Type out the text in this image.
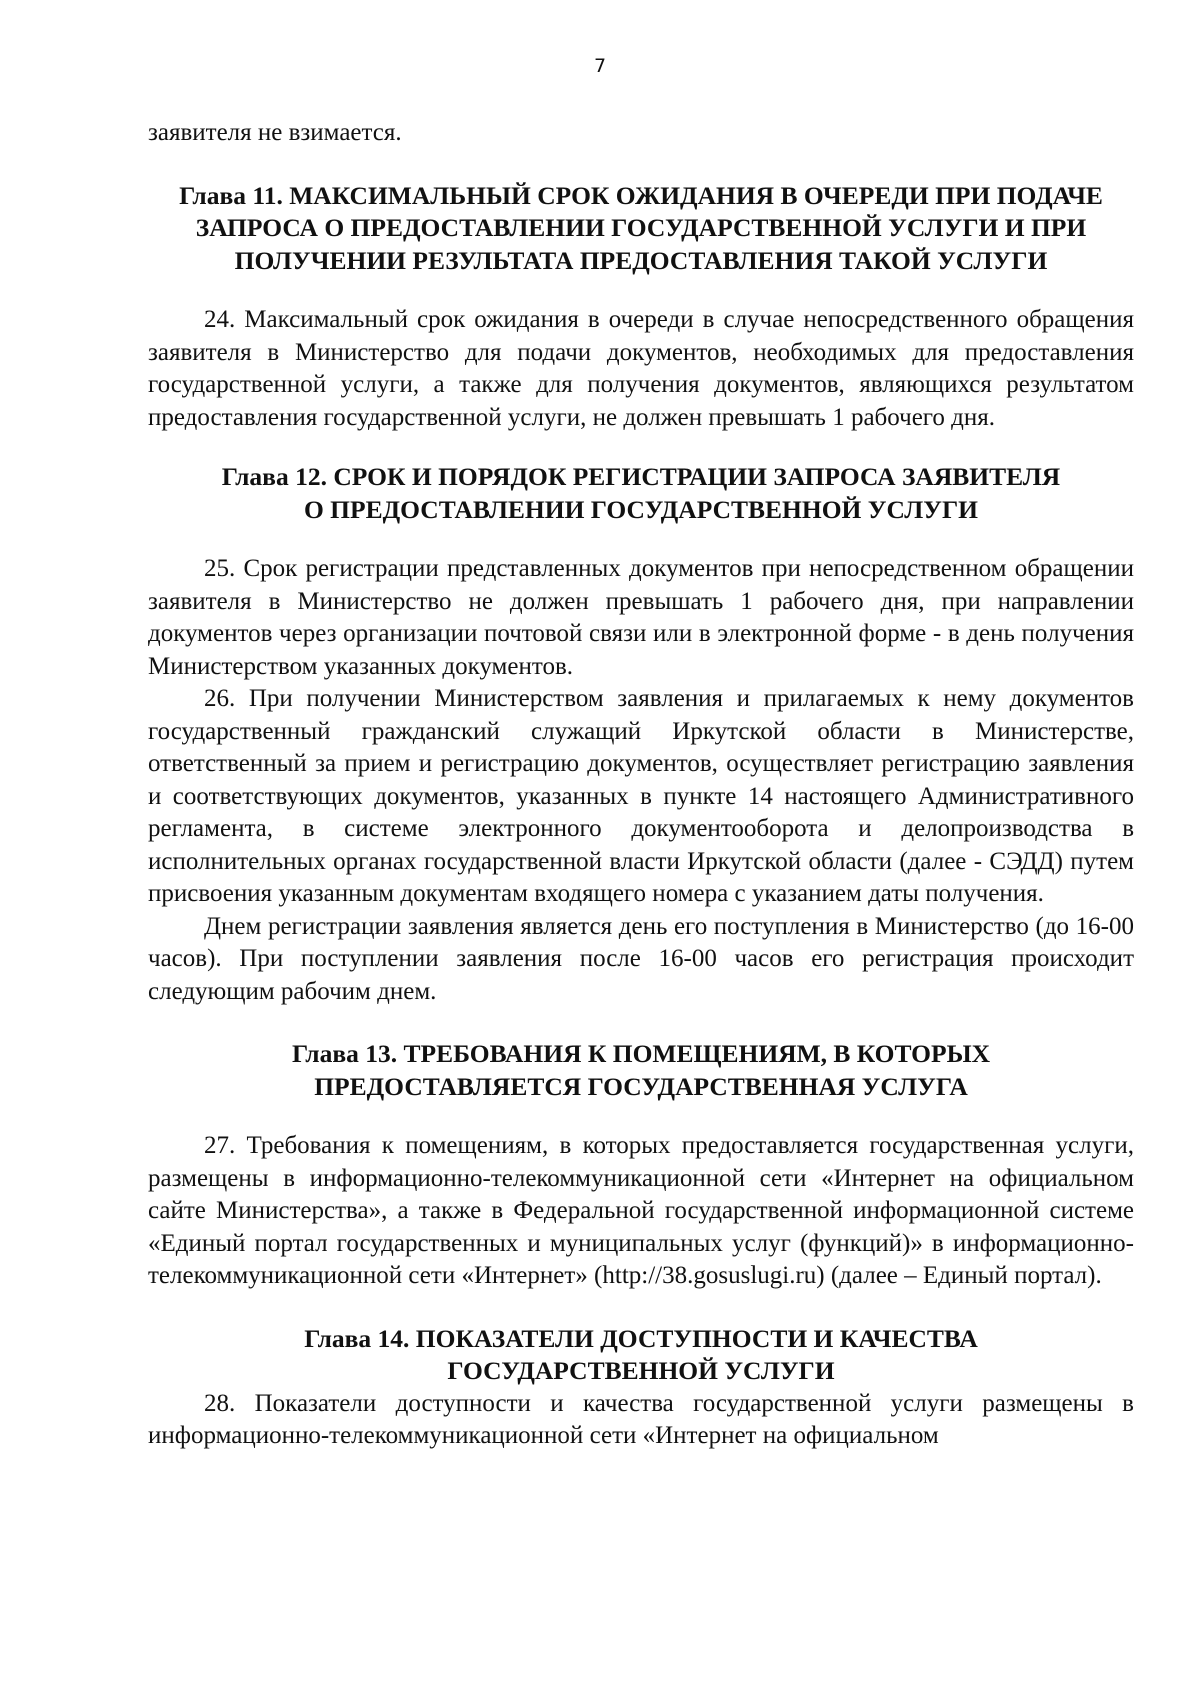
7

заявителя не взимается.

Глава 11. МАКСИМАЛЬНЫЙ СРОК ОЖИДАНИЯ В ОЧЕРЕДИ ПРИ ПОДАЧЕ
ЗАПРОСА О ПРЕДОСТАВЛЕНИИ ГОСУДАРСТВЕННОЙ УСЛУГИ И ПРИ
ПОЛУЧЕНИИ РЕЗУЛЬТАТА ПРЕДОСТАВЛЕНИЯ ТАКОЙ УСЛУГИ

24. Максимальный срок ожидания в очереди в случае непосредственного обращения заявителя в Министерство для подачи документов, необходимых для предоставления государственной услуги, а также для получения документов, являющихся результатом предоставления государственной услуги, не должен превышать 1 рабочего дня.

Глава 12. СРОК И ПОРЯДОК РЕГИСТРАЦИИ ЗАПРОСА ЗАЯВИТЕЛЯ
О ПРЕДОСТАВЛЕНИИ ГОСУДАРСТВЕННОЙ УСЛУГИ

25. Срок регистрации представленных документов при непосредственном обращении заявителя в Министерство не должен превышать 1 рабочего дня, при направлении документов через организации почтовой связи или в электронной форме - в день получения Министерством указанных документов.

26. При получении Министерством заявления и прилагаемых к нему документов государственный гражданский служащий Иркутской области в Министерстве, ответственный за прием и регистрацию документов, осуществляет регистрацию заявления и соответствующих документов, указанных в пункте 14 настоящего Административного регламента, в системе электронного документооборота и делопроизводства в исполнительных органах государственной власти Иркутской области (далее - СЭДД) путем присвоения указанным документам входящего номера с указанием даты получения.

Днем регистрации заявления является день его поступления в Министерство (до 16-00 часов). При поступлении заявления после 16-00 часов его регистрация происходит следующим рабочим днем.

Глава 13. ТРЕБОВАНИЯ К ПОМЕЩЕНИЯМ, В КОТОРЫХ
ПРЕДОСТАВЛЯЕТСЯ ГОСУДАРСТВЕННАЯ УСЛУГА

27. Требования к помещениям, в которых предоставляется государственная услуги, размещены в информационно-телекоммуникационной сети «Интернет на официальном сайте Министерства», а также в Федеральной государственной информационной системе «Единый портал государственных и муниципальных услуг (функций)» в информационно-телекоммуникационной сети «Интернет» (http://38.gosuslugi.ru) (далее – Единый портал).

Глава 14. ПОКАЗАТЕЛИ ДОСТУПНОСТИ И КАЧЕСТВА
ГОСУДАРСТВЕННОЙ УСЛУГИ

28. Показатели доступности и качества государственной услуги размещены в информационно-телекоммуникационной сети «Интернет на официальном
